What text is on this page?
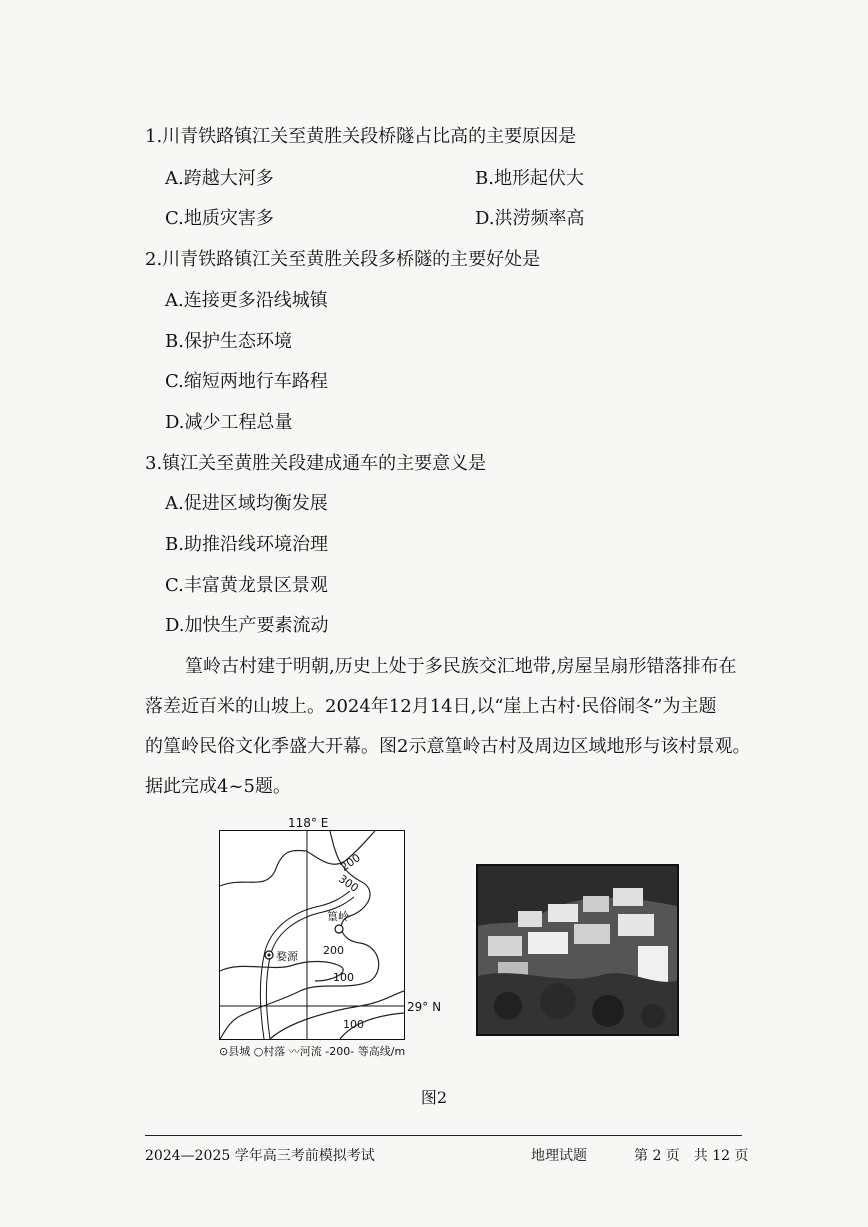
1.川青铁路镇江关至黄胜关段桥隧占比高的主要原因是
A.跨越大河多	B.地形起伏大
C.地质灾害多	D.洪涝频率高
2.川青铁路镇江关至黄胜关段多桥隧的主要好处是
A.连接更多沿线城镇
B.保护生态环境
C.缩短两地行车路程
D.减少工程总量
3.镇江关至黄胜关段建成通车的主要意义是
A.促进区域均衡发展
B.助推沿线环境治理
C.丰富黄龙景区景观
D.加快生产要素流动
篁岭古村建于明朝,历史上处于多民族交汇地带,房屋呈扇形错落排布在
落差近百米的山坡上。2024年12月14日,以“崖上古村·民俗闹冬”为主题
的篁岭民俗文化季盛大开幕。图2示意篁岭古村及周边区域地形与该村景观。
据此完成4~5题。
118° E
200
300
200
100
100
篁岭
婺源
29° N
⊙县城 ○村落 〰河流 ‐200‐ 等高线/m
图2
2024—2025 学年高三考前模拟考试	地理试题	第 2 页　共 12 页
